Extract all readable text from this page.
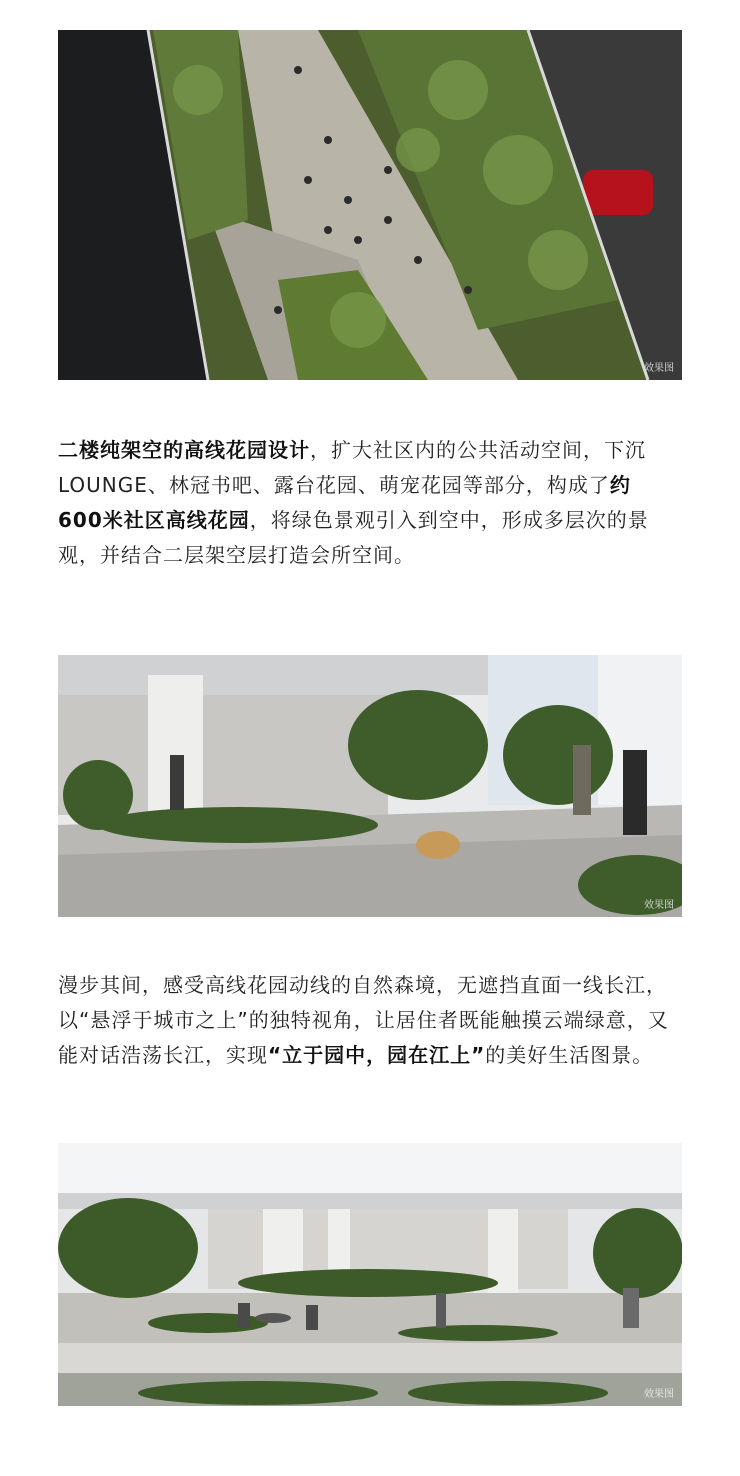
效果图

二楼纯架空的高线花园设计，扩大社区内的公共活动空间，下沉
LOUNGE、林冠书吧、露台花园、萌宠花园等部分，构成了约
600米社区高线花园，将绿色景观引入到空中，形成多层次的景
观，并结合二层架空层打造会所空间。

效果图

漫步其间，感受高线花园动线的自然森境，无遮挡直面一线长江，
以“悬浮于城市之上”的独特视角，让居住者既能触摸云端绿意，又
能对话浩荡长江，实现“立于园中，园在江上”的美好生活图景。

效果图
